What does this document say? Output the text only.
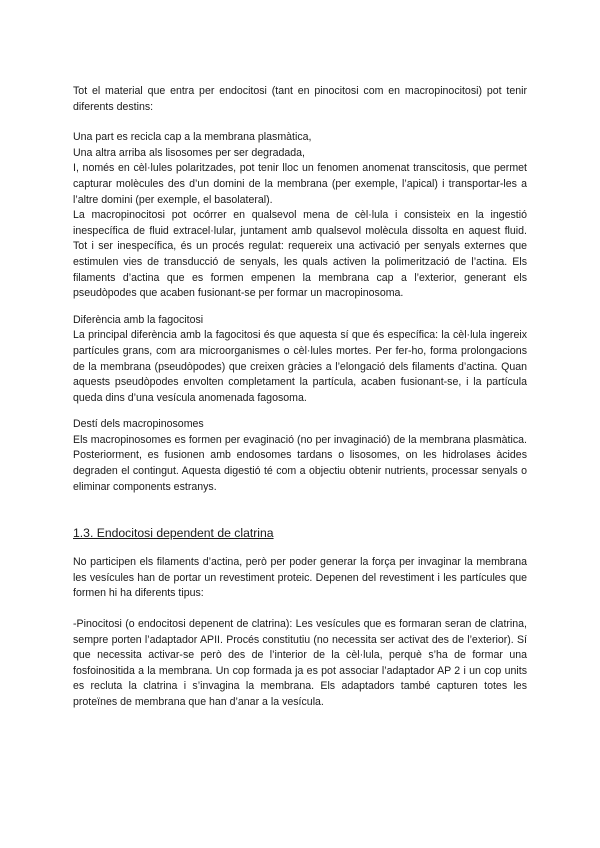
Tot el material que entra per endocitosi (tant en pinocitosi com en macropinocitosi) pot tenir diferents destins:

Una part es recicla cap a la membrana plasmàtica,
Una altra arriba als lisosomes per ser degradada,

I, només en cèl·lules polaritzades, pot tenir lloc un fenomen anomenat transcitosis, que permet capturar molècules des d’un domini de la membrana (per exemple, l’apical) i transportar-les a l’altre domini (per exemple, el basolateral).

La macropinocitosi pot ocórrer en qualsevol mena de cèl·lula i consisteix en la ingestió inespecífica de fluid extracel·lular, juntament amb qualsevol molècula dissolta en aquest fluid. Tot i ser inespecífica, és un procés regulat: requereix una activació per senyals externes que estimulen vies de transducció de senyals, les quals activen la polimerització de l’actina. Els filaments d’actina que es formen empenen la membrana cap a l’exterior, generant els pseudòpodes que acaben fusionant-se per formar un macropinosoma.

Diferència amb la fagocitosi

La principal diferència amb la fagocitosi és que aquesta sí que és específica: la cèl·lula ingereix partícules grans, com ara microorganismes o cèl·lules mortes. Per fer-ho, forma prolongacions de la membrana (pseudòpodes) que creixen gràcies a l’elongació dels filaments d’actina. Quan aquests pseudòpodes envolten completament la partícula, acaben fusionant-se, i la partícula queda dins d’una vesícula anomenada fagosoma.

Destí dels macropinosomes

Els macropinosomes es formen per evaginació (no per invaginació) de la membrana plasmàtica. Posteriorment, es fusionen amb endosomes tardans o lisosomes, on les hidrolases àcides degraden el contingut. Aquesta digestió té com a objectiu obtenir nutrients, processar senyals o eliminar components estranys.

1.3. Endocitosi dependent de clatrina

No participen els filaments d’actina, però per poder generar la força per invaginar la membrana les vesícules han de portar un revestiment proteic. Depenen del revestiment i les partícules que formen hi ha diferents tipus:

-Pinocitosi (o endocitosi depenent de clatrina): Les vesícules que es formaran seran de clatrina, sempre porten l’adaptador APII. Procés constitutiu (no necessita ser activat des de l’exterior). Sí que necessita activar-se però des de l’interior de la cèl·lula, perquè s’ha de formar una fosfoinositida a la membrana. Un cop formada ja es pot associar l’adaptador AP 2 i un cop units es recluta la clatrina i s’invagina la membrana. Els adaptadors també capturen totes les proteïnes de membrana que han d’anar a la vesícula.
